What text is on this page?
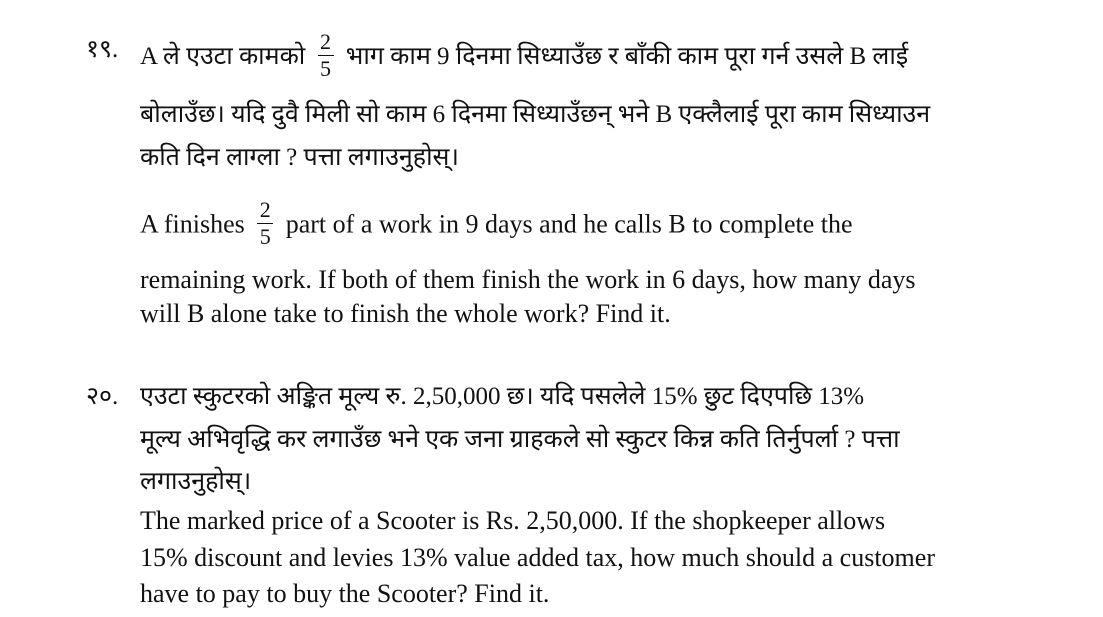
१९. A ले एउटा कामको $\frac{2}{5}$ भाग काम 9 दिनमा सिध्याउँछ र बाँकी काम पूरा गर्न उसले B लाई
बोलाउँछ। यदि दुवै मिली सो काम 6 दिनमा सिध्याउँछन् भने B एक्लैलाई पूरा काम सिध्याउन
कति दिन लाग्ला ? पत्ता लगाउनुहोस्।
A finishes $\frac{2}{5}$ part of a work in 9 days and he calls B to complete the
remaining work. If both of them finish the work in 6 days, how many days
will B alone take to finish the whole work? Find it.
२०. एउटा स्कुटरको अङ्कित मूल्य रु. 2,50,000 छ। यदि पसलेले 15% छुट दिएपछि 13%
मूल्य अभिवृद्धि कर लगाउँछ भने एक जना ग्राहकले सो स्कुटर किन्न कति तिर्नुपर्ला ? पत्ता
लगाउनुहोस्।
The marked price of a Scooter is Rs. 2,50,000. If the shopkeeper allows
15% discount and levies 13% value added tax, how much should a customer
have to pay to buy the Scooter? Find it.
